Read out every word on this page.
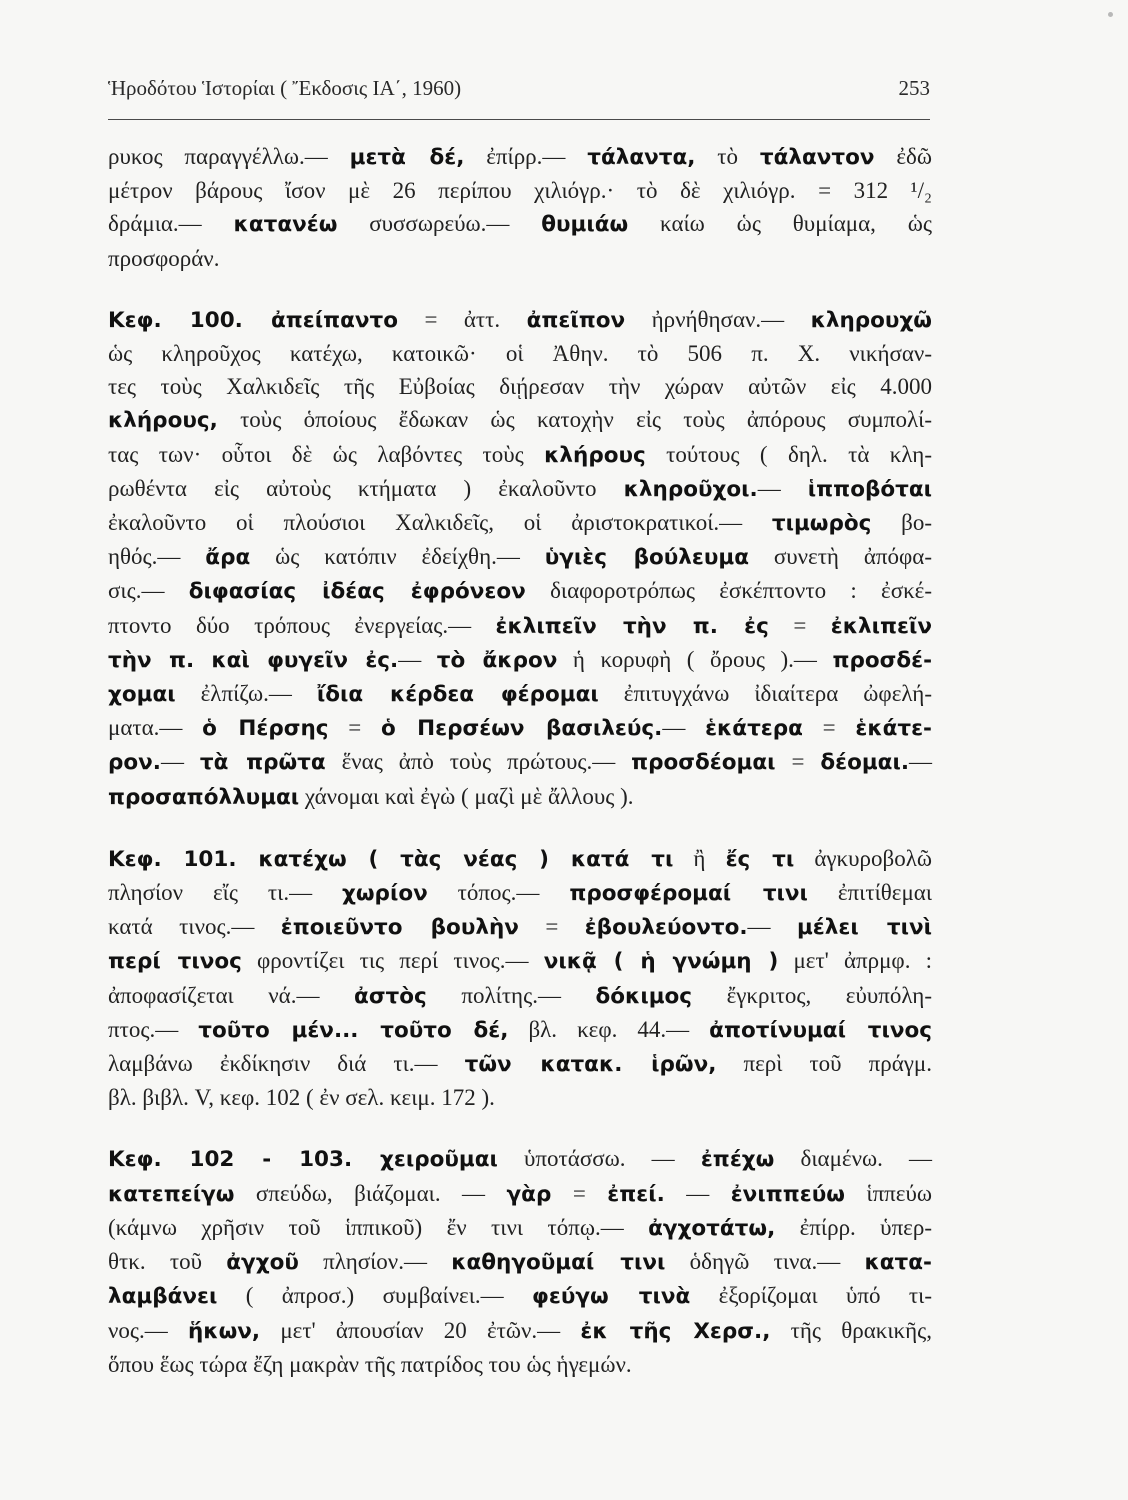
Ἡροδότου Ἱστορίαι ( Ἔκδοσις ΙΑ΄, 1960)	253
ρυκος παραγγέλλω.— μετὰ δέ, ἐπίρρ.— τάλαντα, τὸ τάλαντον ἐδῶ
μέτρον βάρους ἴσον μὲ 26 περίπου χιλιόγρ.· τὸ δὲ χιλιόγρ. = 312 ¹/₂
δράμια.— κατανέω συσσωρεύω.— θυμιάω καίω ὡς θυμίαμα, ὡς
προσφοράν.
Κεφ. 100. ἀπείπαντο = ἀττ. ἀπεῖπον ἠρνήθησαν.— κληρουχῶ
ὡς κληροῦχος κατέχω, κατοικῶ· οἱ Ἀθην. τὸ 506 π. Χ. νικήσαν-
τες τοὺς Χαλκιδεῖς τῆς Εὐβοίας διῄρεσαν τὴν χώραν αὐτῶν εἰς 4.000
κλήρους, τοὺς ὁποίους ἔδωκαν ὡς κατοχὴν εἰς τοὺς ἀπόρους συμπολί-
τας των· οὗτοι δὲ ὡς λαβόντες τοὺς κλήρους τούτους ( δηλ. τὰ κλη-
ρωθέντα εἰς αὐτοὺς κτήματα ) ἐκαλοῦντο κληροῦχοι.— ἱπποβόται
ἐκαλοῦντο οἱ πλούσιοι Χαλκιδεῖς, οἱ ἀριστοκρατικοί.— τιμωρὸς βο-
ηθός.— ἄρα ὡς κατόπιν ἐδείχθη.— ὑγιὲς βούλευμα συνετὴ ἀπόφα-
σις.— διφασίας ἰδέας ἐφρόνεον διαφοροτρόπως ἐσκέπτοντο : ἐσκέ-
πτοντο δύο τρόπους ἐνεργείας.— ἐκλιπεῖν τὴν π. ἐς = ἐκλιπεῖν
τὴν π. καὶ φυγεῖν ἐς.— τὸ ἄκρον ἡ κορυφὴ ( ὄρους ).— προσδέ-
χομαι ἐλπίζω.— ἴδια κέρδεα φέρομαι ἐπιτυγχάνω ἰδιαίτερα ὠφελή-
ματα.— ὁ Πέρσης = ὁ Περσέων βασιλεύς.— ἑκάτερα = ἑκάτε-
ρον.— τὰ πρῶτα ἕνας ἀπὸ τοὺς πρώτους.— προσδέομαι = δέομαι.—
προσαπόλλυμαι χάνομαι καὶ ἐγὼ ( μαζὶ μὲ ἄλλους ).
Κεφ. 101. κατέχω ( τὰς νέας ) κατά τι ἢ ἔς τι ἀγκυροβολῶ
πλησίον εἴς τι.— χωρίον τόπος.— προσφέρομαί τινι ἐπιτίθεμαι
κατά τινος.— ἐποιεῦντο βουλὴν = ἐβουλεύοντο.— μέλει τινὶ
περί τινος φροντίζει τις περί τινος.— νικᾷ ( ἡ γνώμη ) μετ' ἀπρμφ. :
ἀποφασίζεται νά.— ἀστὸς πολίτης.— δόκιμος ἔγκριτος, εὐυπόλη-
πτος.— τοῦτο μέν... τοῦτο δέ, βλ. κεφ. 44.— ἀποτίνυμαί τινος
λαμβάνω ἐκδίκησιν διά τι.— τῶν κατακ. ἱρῶν, περὶ τοῦ πράγμ.
βλ. βιβλ. V, κεφ. 102 ( ἐν σελ. κειμ. 172 ).
Κεφ. 102 - 103. χειροῦμαι ὑποτάσσω. — ἐπέχω διαμένω. —
κατεπείγω σπεύδω, βιάζομαι. — γὰρ = ἐπεί. — ἐνιππεύω ἱππεύω
(κάμνω χρῆσιν τοῦ ἱππικοῦ) ἔν τινι τόπῳ.— ἀγχοτάτω, ἐπίρρ. ὑπερ-
θτκ. τοῦ ἀγχοῦ πλησίον.— καθηγοῦμαί τινι ὁδηγῶ τινα.— κατα-
λαμβάνει ( ἀπροσ.) συμβαίνει.— φεύγω τινὰ ἐξορίζομαι ὑπό τι-
νος.— ἥκων, μετ' ἀπουσίαν 20 ἐτῶν.— ἐκ τῆς Χερσ., τῆς θρακικῆς,
ὅπου ἕως τώρα ἔζη μακρὰν τῆς πατρίδος του ὡς ἡγεμών.
